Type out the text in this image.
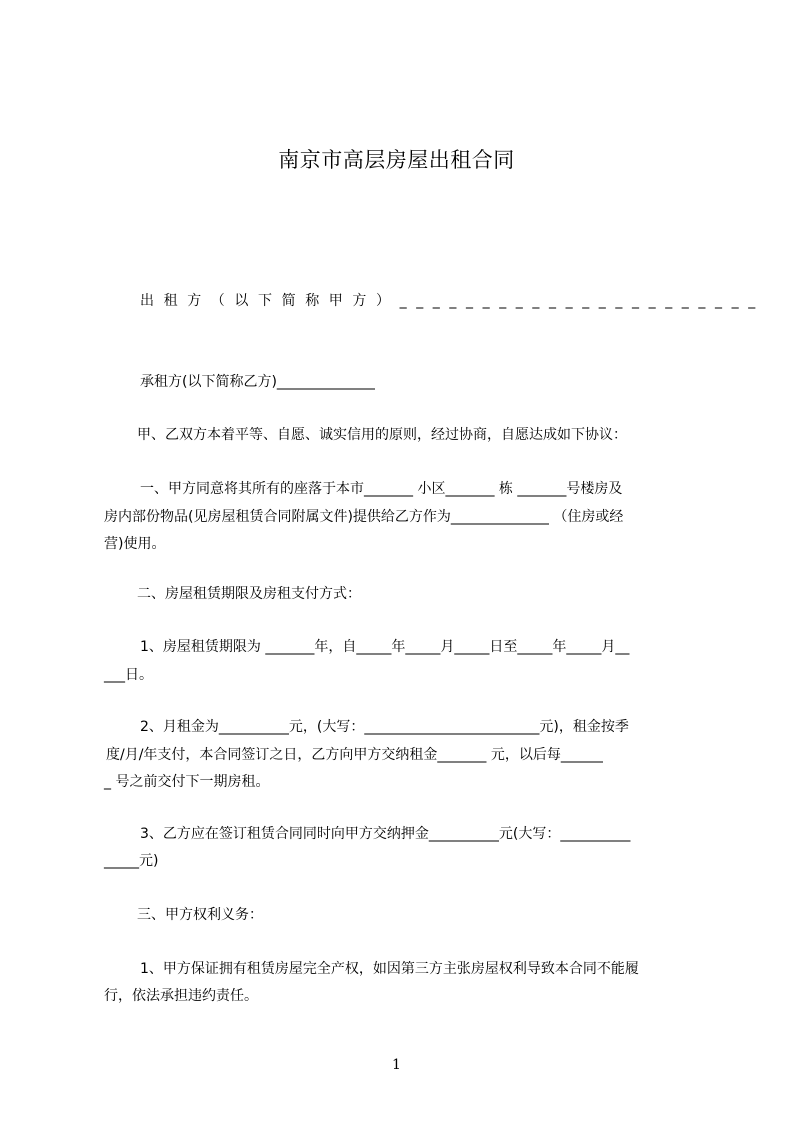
南京市高层房屋出租合同
出租方（以下简称甲方）______________________
承租方(以下简称乙方)______________
甲、乙双方本着平等、自愿、诚实信用的原则，经过协商，自愿达成如下协议：
一、甲方同意将其所有的座落于本市_______ 小区_______ 栋 _______号楼房及
房内部份物品(见房屋租赁合同附属文件)提供给乙方作为______________ （住房或经
营)使用。
二、房屋租赁期限及房租支付方式：
1、房屋租赁期限为 _______年，自_____年_____月_____日至_____年_____月__
___日。
2、月租金为__________元，(大写：_________________________元)，租金按季
度/月/年支付，本合同签订之日，乙方向甲方交纳租金_______ 元，以后每______
_ 号之前交付下一期房租。
3、乙方应在签订租赁合同同时向甲方交纳押金__________元(大写：__________
_____元)
三、甲方权利义务：
1、甲方保证拥有租赁房屋完全产权，如因第三方主张房屋权利导致本合同不能履
行，依法承担违约责任。
1
